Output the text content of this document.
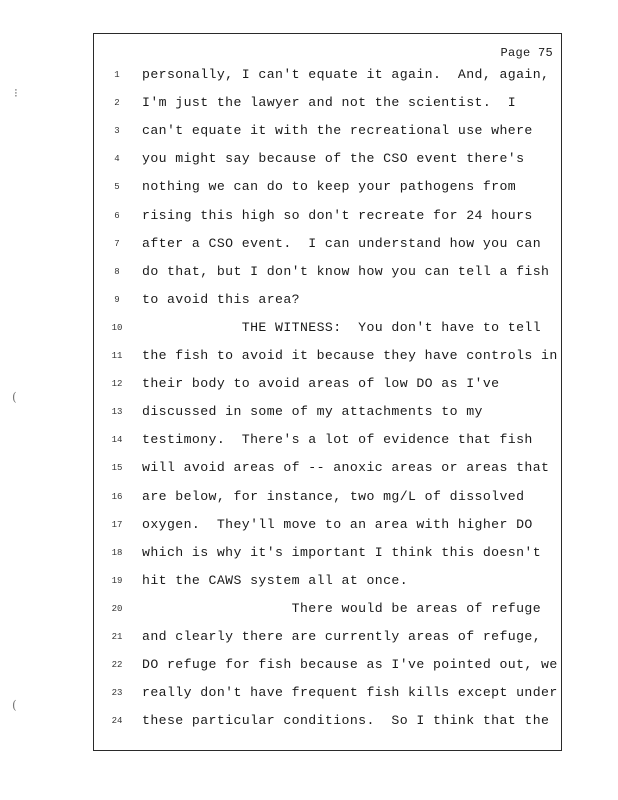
Page 75
1	personally, I can't equate it again.  And, again,
2	I'm just the lawyer and not the scientist.  I
3	can't equate it with the recreational use where
4	you might say because of the CSO event there's
5	nothing we can do to keep your pathogens from
6	rising this high so don't recreate for 24 hours
7	after a CSO event.  I can understand how you can
8	do that, but I don't know how you can tell a fish
9	to avoid this area?
10	THE WITNESS:  You don't have to tell
11	the fish to avoid it because they have controls in
12	their body to avoid areas of low DO as I've
13	discussed in some of my attachments to my
14	testimony.  There's a lot of evidence that fish
15	will avoid areas of -- anoxic areas or areas that
16	are below, for instance, two mg/L of dissolved
17	oxygen.  They'll move to an area with higher DO
18	which is why it's important I think this doesn't
19	hit the CAWS system all at once.
20	There would be areas of refuge
21	and clearly there are currently areas of refuge,
22	DO refuge for fish because as I've pointed out, we
23	really don't have frequent fish kills except under
24	these particular conditions.  So I think that the
⁝
(
(
